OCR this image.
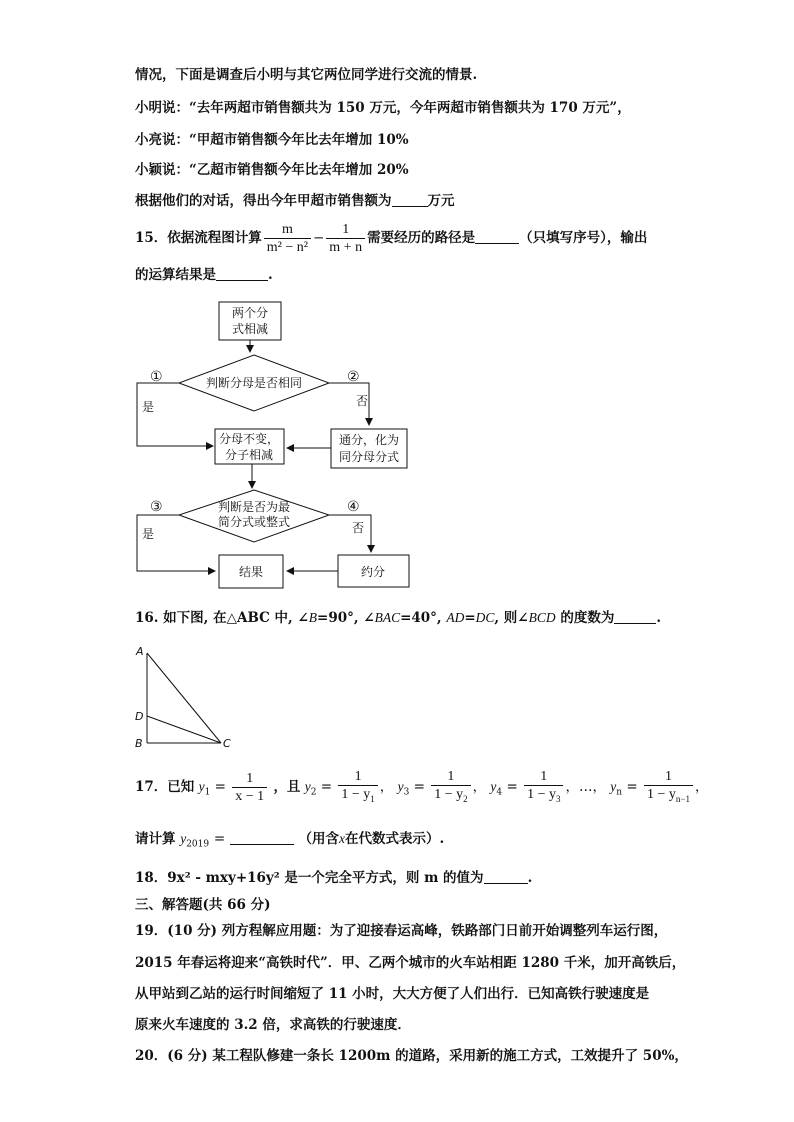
情况，下面是调查后小明与其它两位同学进行交流的情景.
小明说：“去年两超市销售额共为 150 万元，今年两超市销售额共为 170 万元”，
小亮说：“甲超市销售额今年比去年增加 10%
小颖说：“乙超市销售额今年比去年增加 20%
根据他们的对话，得出今年甲超市销售额为	万元
15．依据流程图计算 $\frac{m}{\text{m² − n²}} - \frac{1}{m + n}$ 需要经历的路径是	（只填写序号），输出
的运算结果是	.
两个分
式相减
判断分母是否相同
①	②
是	否
分母不变，
分子相减
通分，化为
同分母分式
判断是否为最
简分式或整式
③	④
是	否
结果	约分
16. 如下图, 在△ABC 中, ∠B=90°, ∠BAC=40°, AD=DC, 则∠BCD 的度数为	.
A
D
B	C
17．已知 $y_1 = \frac{1}{x - 1}$ ，且 $y_2 = \frac{1}{1 - y_1}$ ， $y_3 = \frac{1}{1 - y_2}$ ， $y_4 = \frac{1}{1 - y_3}$ ，…， $y_n = \frac{1}{1 - y_{n-1}}$ ，
请计算 $y_{2019}$ =	（用含x在代数式表示）.
18．9x² - mxy+16y² 是一个完全平方式，则 m 的值为	.
三、解答题(共 66 分)
19．(10 分) 列方程解应用题：为了迎接春运高峰，铁路部门日前开始调整列车运行图，
2015 年春运将迎来“高铁时代”．甲、乙两个城市的火车站相距 1280 千米，加开高铁后，
从甲站到乙站的运行时间缩短了 11 小时，大大方便了人们出行．已知高铁行驶速度是
原来火车速度的 3.2 倍，求高铁的行驶速度．
20．(6 分) 某工程队修建一条长 1200m 的道路，采用新的施工方式，工效提升了 50%，
